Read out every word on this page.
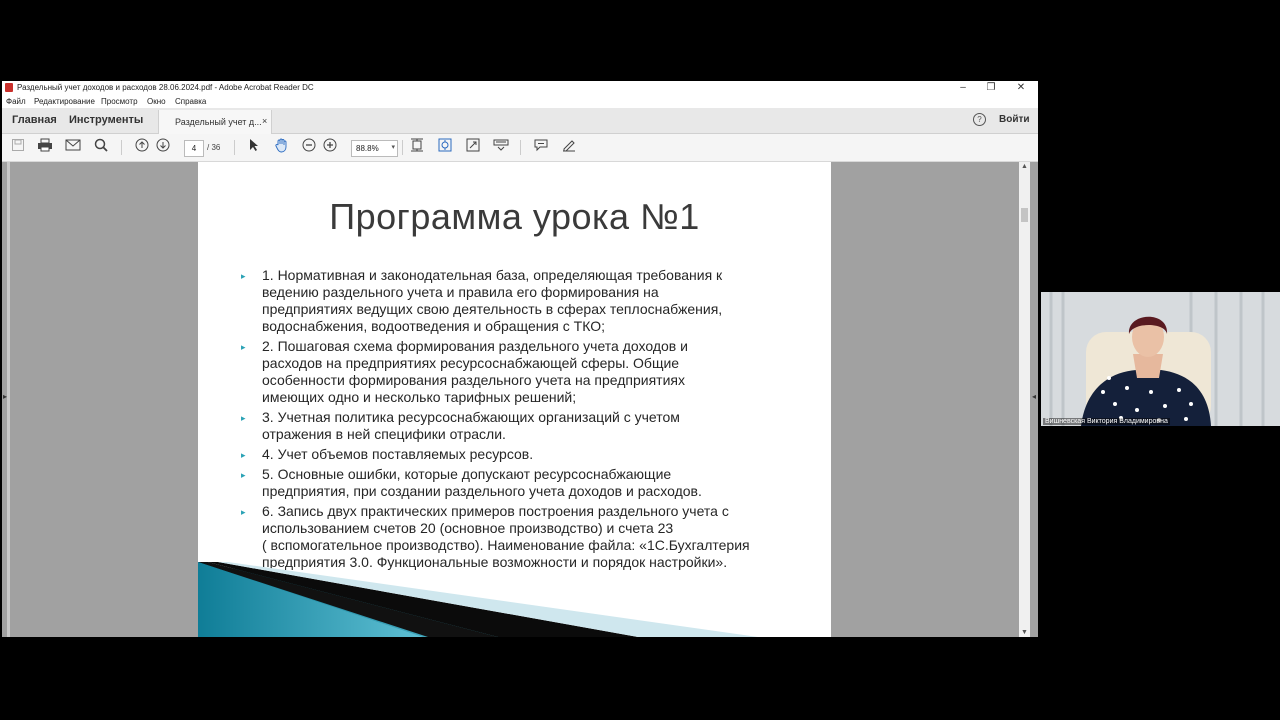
Раздельный учет доходов и расходов 28.06.2024.pdf - Adobe Acrobat Reader DC	–	❐	✕
Файл Редактирование Просмотр Окно Справка
Главная Инструменты	Раздельный учет д... ×	?	Войти
4	/ 36	88.8% ▾
▸
Программа урока №1
▸ 1. Нормативная и законодательная база, определяющая требования к
ведению раздельного учета и правила его формирования на
предприятиях ведущих свою деятельность в сферах теплоснабжения,
водоснабжения, водоотведения и обращения с ТКО;
▸ 2. Пошаговая схема формирования раздельного учета доходов и
расходов на предприятиях ресурсоснабжающей сферы. Общие
особенности формирования раздельного учета на предприятиях
имеющих одно и несколько тарифных решений;
▸ 3. Учетная политика ресурсоснабжающих организаций с учетом
отражения в ней специфики отрасли.
▸ 4. Учет объемов поставляемых ресурсов.
▸ 5. Основные ошибки, которые допускают ресурсоснабжающие
предприятия, при создании раздельного учета доходов и расходов.
▸ 6. Запись двух практических примеров построения раздельного учета с
использованием счетов 20 (основное производство) и счета 23
( вспомогательное производство). Наименование файла: «1С.Бухгалтерия
предприятия 3.0. Функциональные возможности и порядок настройки».
▲
▼
◂
Вишневская Виктория Владимировна
